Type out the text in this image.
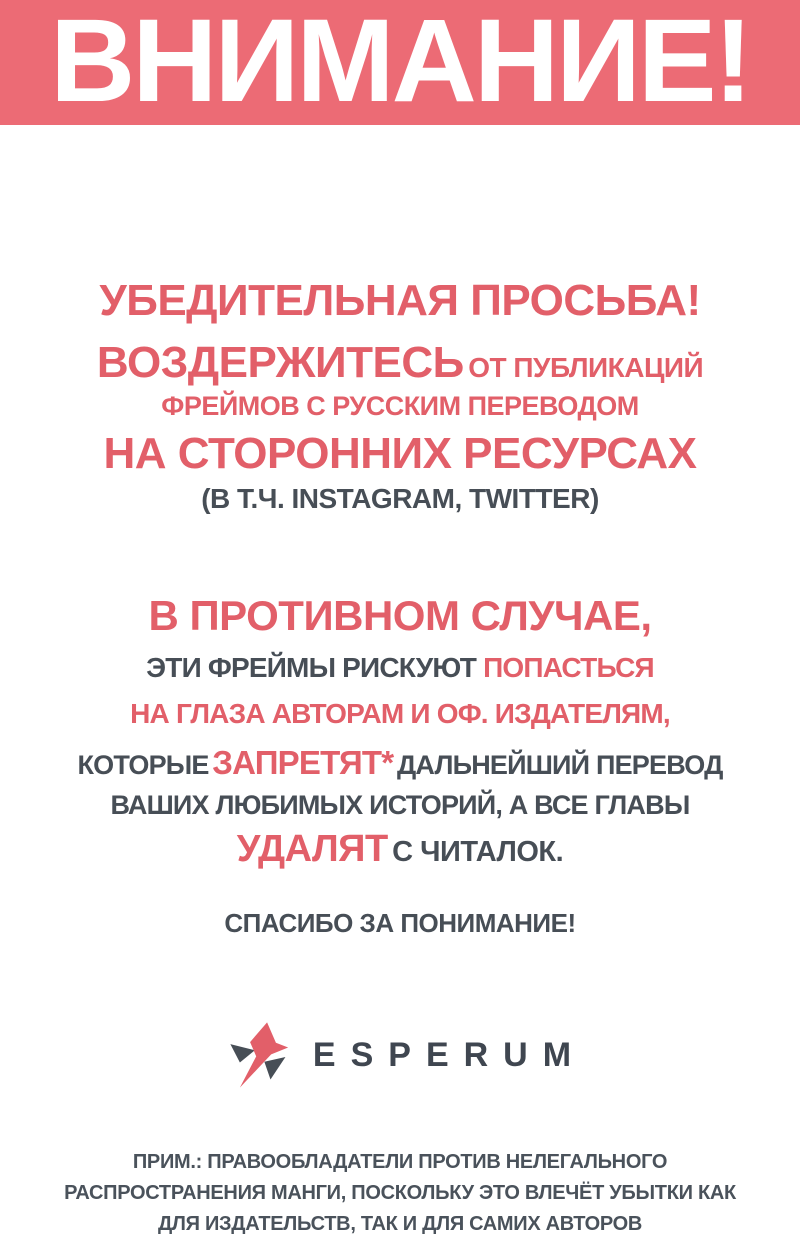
ВНИМАНИЕ!
УБЕДИТЕЛЬНАЯ ПРОСЬБА!
ВОЗДЕРЖИТЕСЬ ОТ ПУБЛИКАЦИЙ
ФРЕЙМОВ С РУССКИМ ПЕРЕВОДОМ
НА СТОРОННИХ РЕСУРСАХ
(В Т.Ч. INSTAGRAM, TWITTER)
В ПРОТИВНОМ СЛУЧАЕ,
ЭТИ ФРЕЙМЫ РИСКУЮТ ПОПАСТЬСЯ
НА ГЛАЗА АВТОРАМ И ОФ. ИЗДАТЕЛЯМ,
КОТОРЫЕ ЗАПРЕТЯТ* ДАЛЬНЕЙШИЙ ПЕРЕВОД
ВАШИХ ЛЮБИМЫХ ИСТОРИЙ, А ВСЕ ГЛАВЫ
УДАЛЯТ С ЧИТАЛОК.
СПАСИБО ЗА ПОНИМАНИЕ!
ESPERUM
ПРИМ.: ПРАВООБЛАДАТЕЛИ ПРОТИВ НЕЛЕГАЛЬНОГО
РАСПРОСТРАНЕНИЯ МАНГИ, ПОСКОЛЬКУ ЭТО ВЛЕЧЁТ УБЫТКИ КАК
ДЛЯ ИЗДАТЕЛЬСТВ, ТАК И ДЛЯ САМИХ АВТОРОВ
